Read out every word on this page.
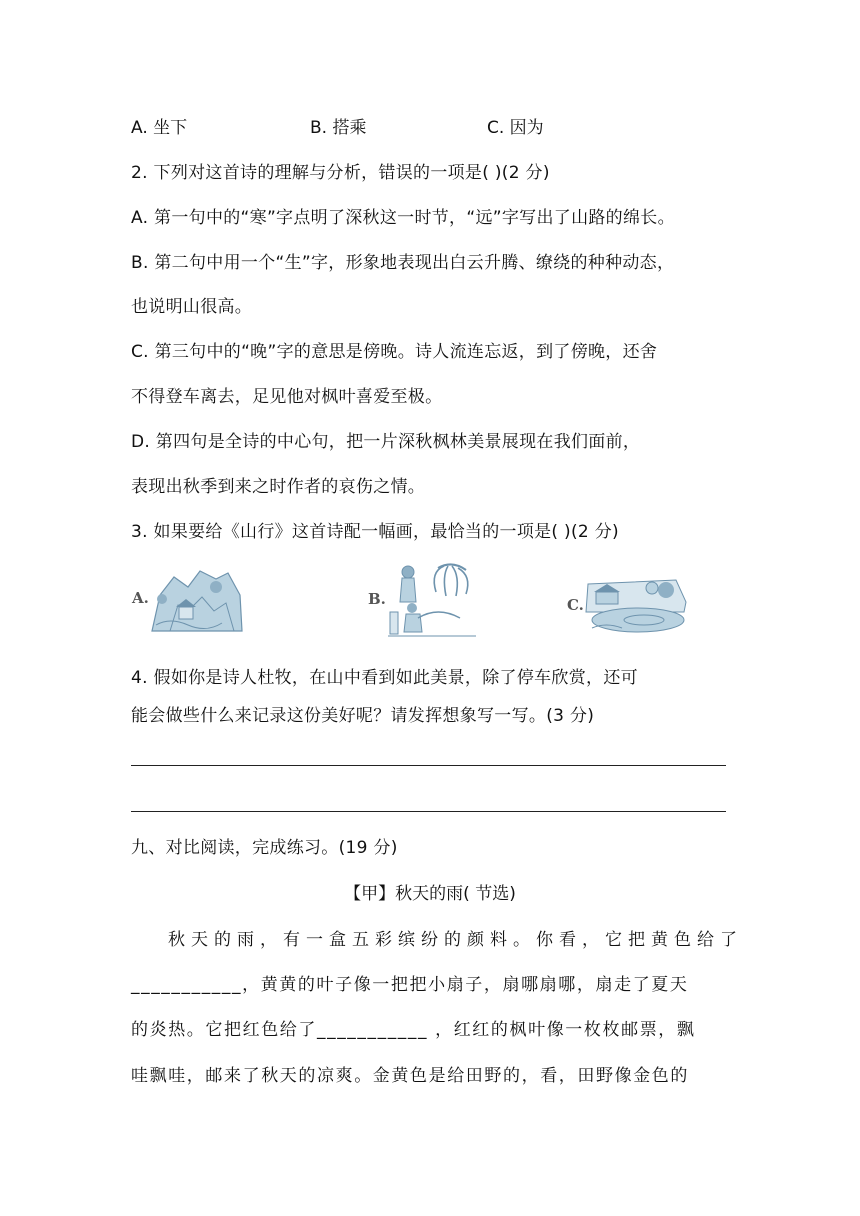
A. 坐下	B. 搭乘	C. 因为
2. 下列对这首诗的理解与分析，错误的一项是( )(2 分)
A. 第一句中的“寒”字点明了深秋这一时节，“远”字写出了山路的绵长。
B. 第二句中用一个“生”字，形象地表现出白云升腾、缭绕的种种动态，
也说明山很高。
C. 第三句中的“晚”字的意思是傍晚。诗人流连忘返，到了傍晚，还舍
不得登车离去，足见他对枫叶喜爱至极。
D. 第四句是全诗的中心句，把一片深秋枫林美景展现在我们面前，
表现出秋季到来之时作者的哀伤之情。
3. 如果要给《山行》这首诗配一幅画，最恰当的一项是( )(2 分)
A.	B.	C.
4. 假如你是诗人杜牧，在山中看到如此美景，除了停车欣赏，还可
能会做些什么来记录这份美好呢？请发挥想象写一写。(3 分)
九、对比阅读，完成练习。(19 分)
【甲】秋天的雨( 节选)
秋天的雨，有一盒五彩缤纷的颜料。你看，它把黄色给了
___________，黄黄的叶子像一把把小扇子，扇哪扇哪，扇走了夏天
的炎热。它把红色给了___________ ，红红的枫叶像一枚枚邮票，飘
哇飘哇，邮来了秋天的凉爽。金黄色是给田野的，看，田野像金色的
